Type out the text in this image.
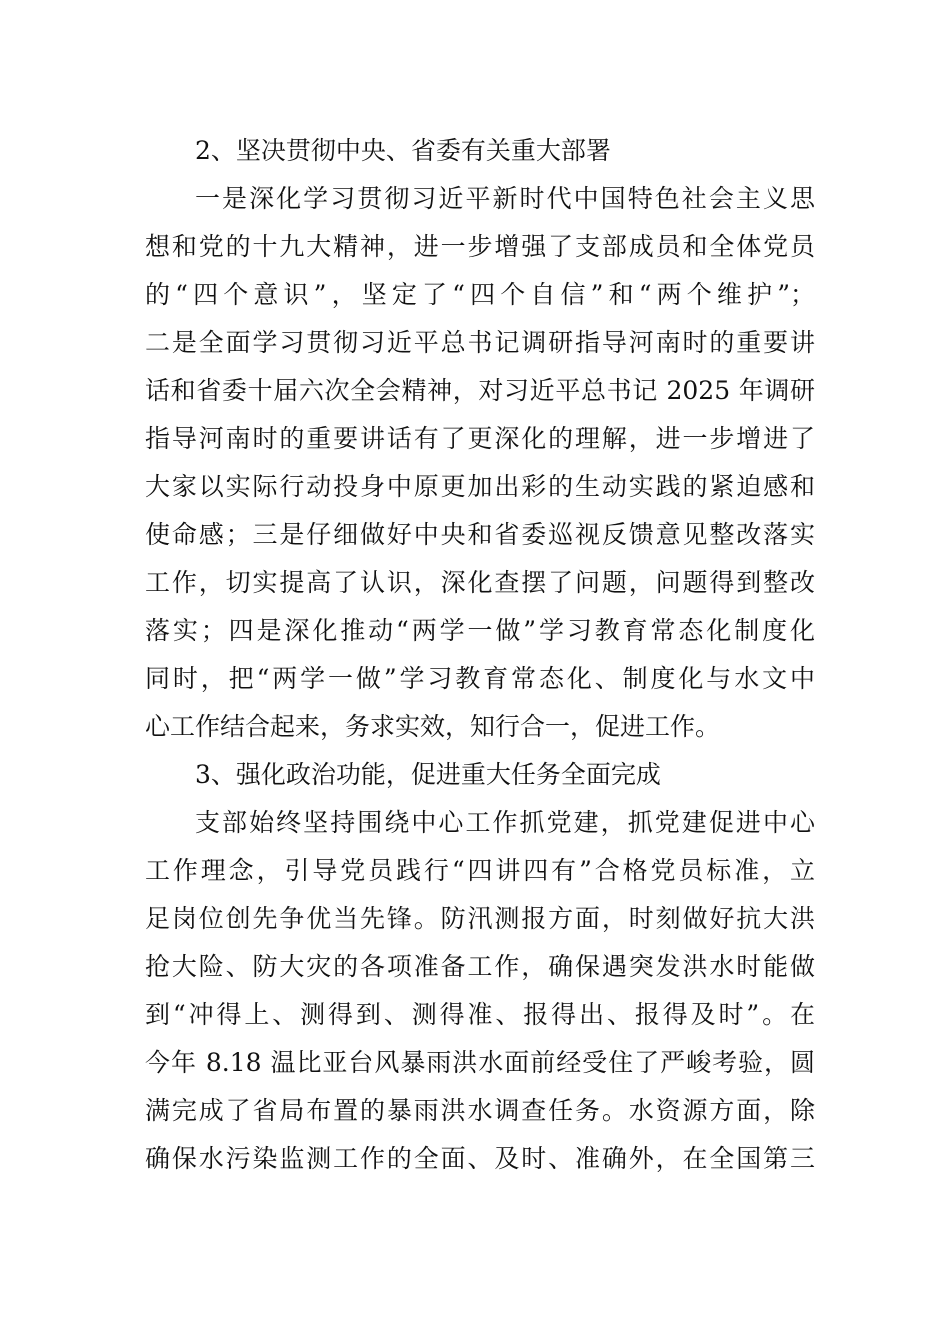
2、坚决贯彻中央、省委有关重大部署
一是深化学习贯彻习近平新时代中国特色社会主义思
想和党的十九大精神，进一步增强了支部成员和全体党员
的“四个意识”，坚定了“四个自信”和“两个维护”；
二是全面学习贯彻习近平总书记调研指导河南时的重要讲
话和省委十届六次全会精神，对习近平总书记 2025 年调研
指导河南时的重要讲话有了更深化的理解，进一步增进了
大家以实际行动投身中原更加出彩的生动实践的紧迫感和
使命感；三是仔细做好中央和省委巡视反馈意见整改落实
工作，切实提高了认识，深化查摆了问题，问题得到整改
落实；四是深化推动“两学一做”学习教育常态化制度化
同时，把“两学一做”学习教育常态化、制度化与水文中
心工作结合起来，务求实效，知行合一，促进工作。
3、强化政治功能，促进重大任务全面完成
支部始终坚持围绕中心工作抓党建，抓党建促进中心
工作理念，引导党员践行“四讲四有”合格党员标准，立
足岗位创先争优当先锋。防汛测报方面，时刻做好抗大洪
抢大险、防大灾的各项准备工作，确保遇突发洪水时能做
到“冲得上、测得到、测得准、报得出、报得及时”。在
今年 8.18 温比亚台风暴雨洪水面前经受住了严峻考验，圆
满完成了省局布置的暴雨洪水调查任务。水资源方面，除
确保水污染监测工作的全面、及时、准确外，在全国第三
